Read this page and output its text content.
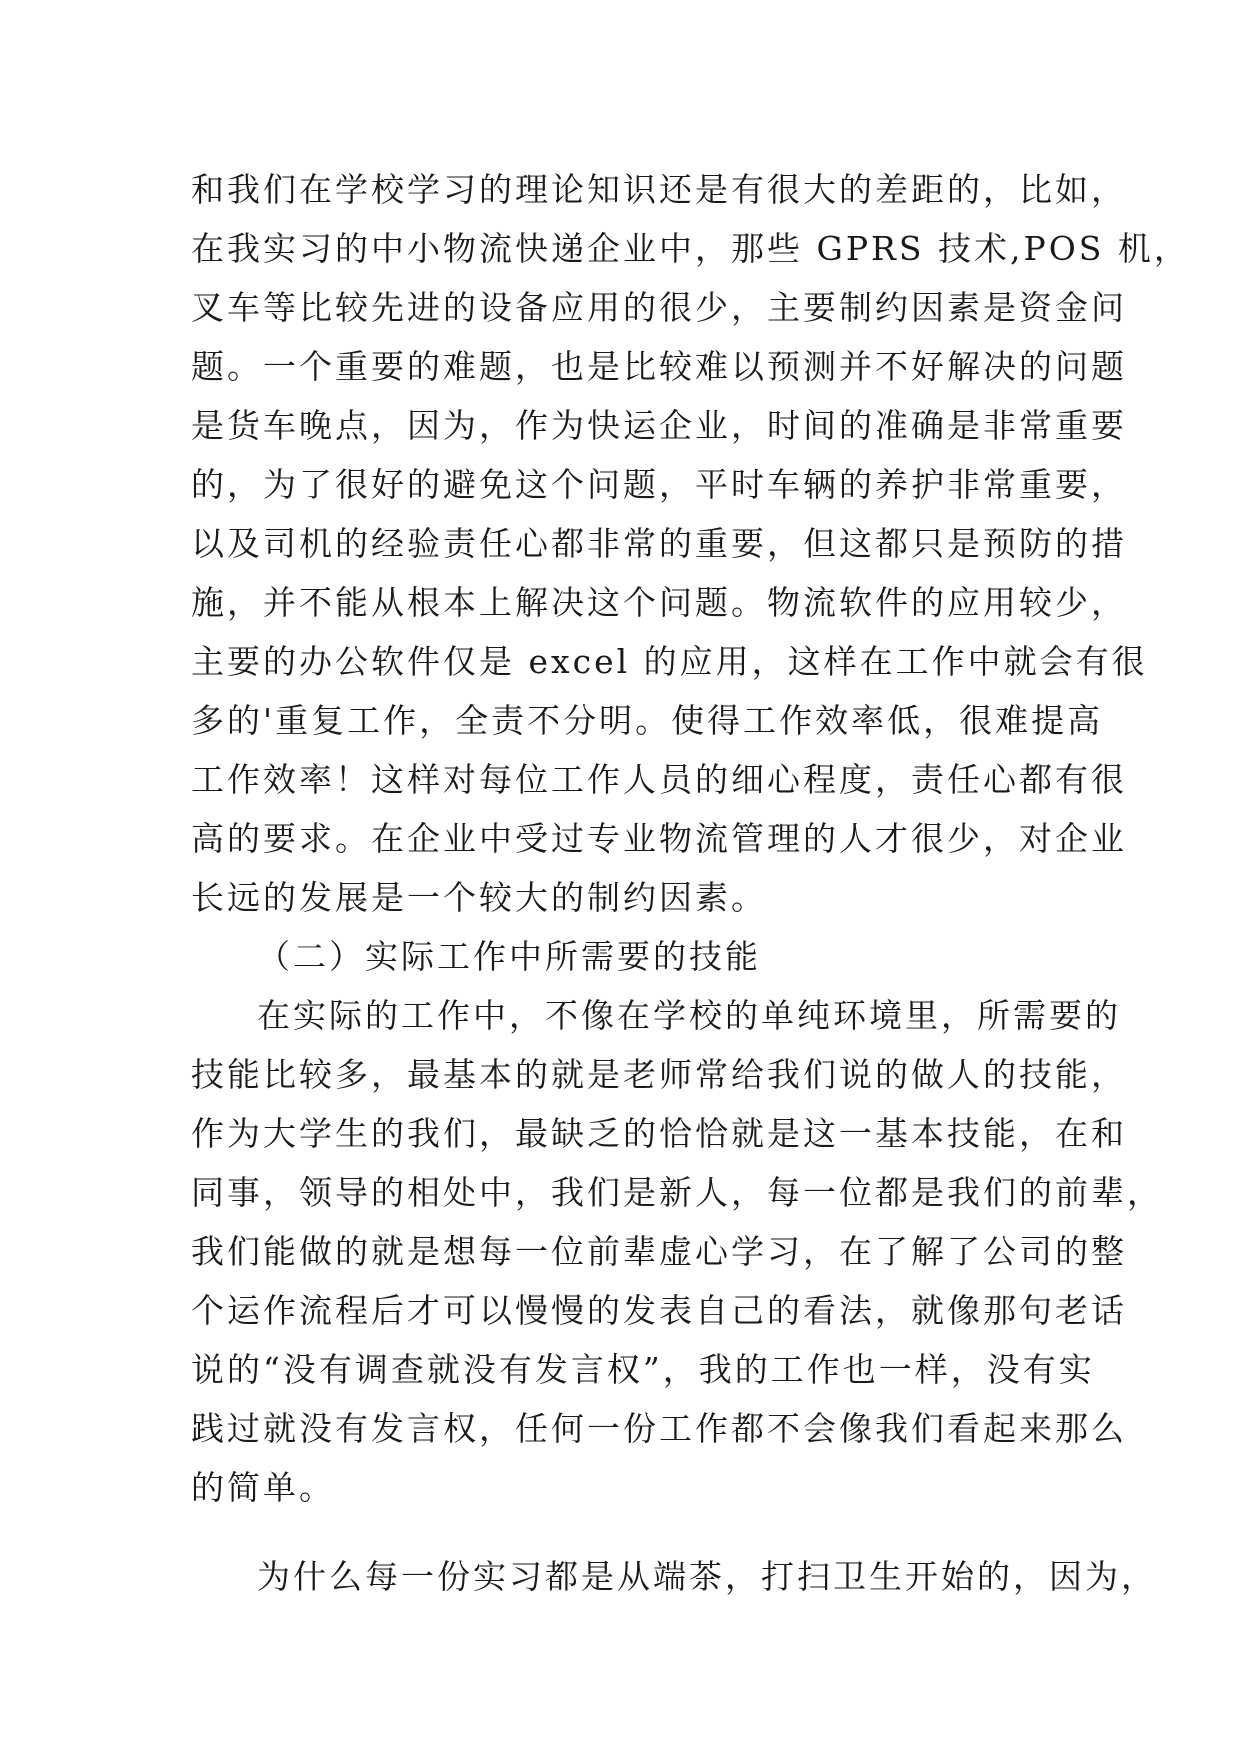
和我们在学校学习的理论知识还是有很大的差距的，比如，
在我实习的中小物流快递企业中，那些 GPRS 技术,POS 机，
叉车等比较先进的设备应用的很少，主要制约因素是资金问
题。一个重要的难题，也是比较难以预测并不好解决的问题
是货车晚点，因为，作为快运企业，时间的准确是非常重要
的，为了很好的避免这个问题，平时车辆的养护非常重要，
以及司机的经验责任心都非常的重要，但这都只是预防的措
施，并不能从根本上解决这个问题。物流软件的应用较少，
主要的办公软件仅是 excel 的应用，这样在工作中就会有很
多的'重复工作，全责不分明。使得工作效率低，很难提高
工作效率！这样对每位工作人员的细心程度，责任心都有很
高的要求。在企业中受过专业物流管理的人才很少，对企业
长远的发展是一个较大的制约因素。
（二）实际工作中所需要的技能
在实际的工作中，不像在学校的单纯环境里，所需要的
技能比较多，最基本的就是老师常给我们说的做人的技能，
作为大学生的我们，最缺乏的恰恰就是这一基本技能，在和
同事，领导的相处中，我们是新人，每一位都是我们的前辈，
我们能做的就是想每一位前辈虚心学习，在了解了公司的整
个运作流程后才可以慢慢的发表自己的看法，就像那句老话
说的“没有调查就没有发言权”，我的工作也一样，没有实
践过就没有发言权，任何一份工作都不会像我们看起来那么
的简单。
为什么每一份实习都是从端茶，打扫卫生开始的，因为，
